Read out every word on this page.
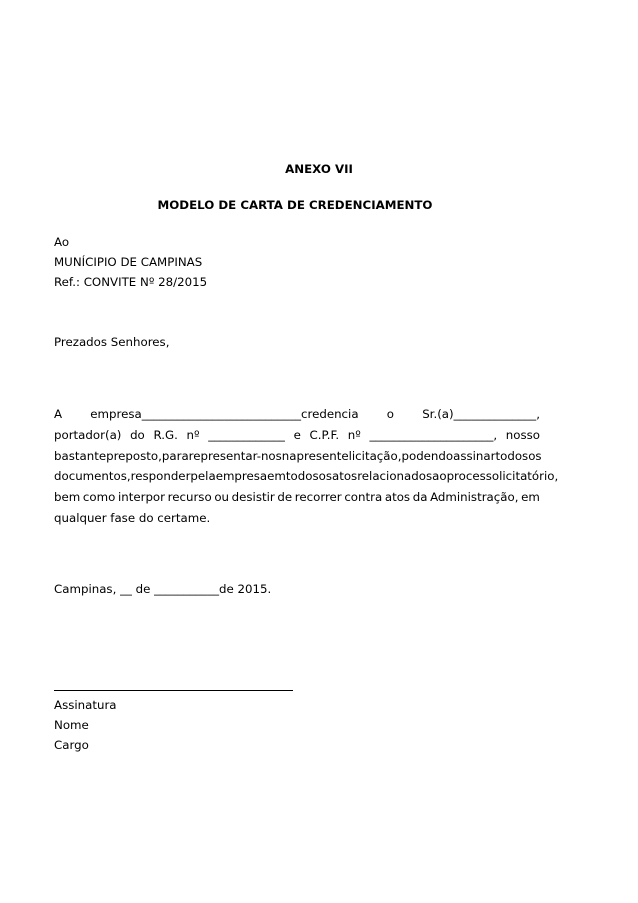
ANEXO VII
MODELO DE CARTA DE CREDENCIAMENTO
Ao
MUNÍCIPIO DE CAMPINAS
Ref.: CONVITE Nº 28/2015
Prezados Senhores,
A empresa___________________________credencia o Sr.(a)______________,
portador(a) do R.G. nº _____________ e C.P.F. nº _____________________, nosso
bastante preposto, para representar-nos na presente licitação, podendo assinar todos os
documentos, responder pela empresa em todos os atos relacionados ao processo licitatório,
bem como interpor recurso ou desistir de recorrer contra atos da Administração, em
qualquer fase do certame.
Campinas, __ de ___________de 2015.
Assinatura
Nome
Cargo
